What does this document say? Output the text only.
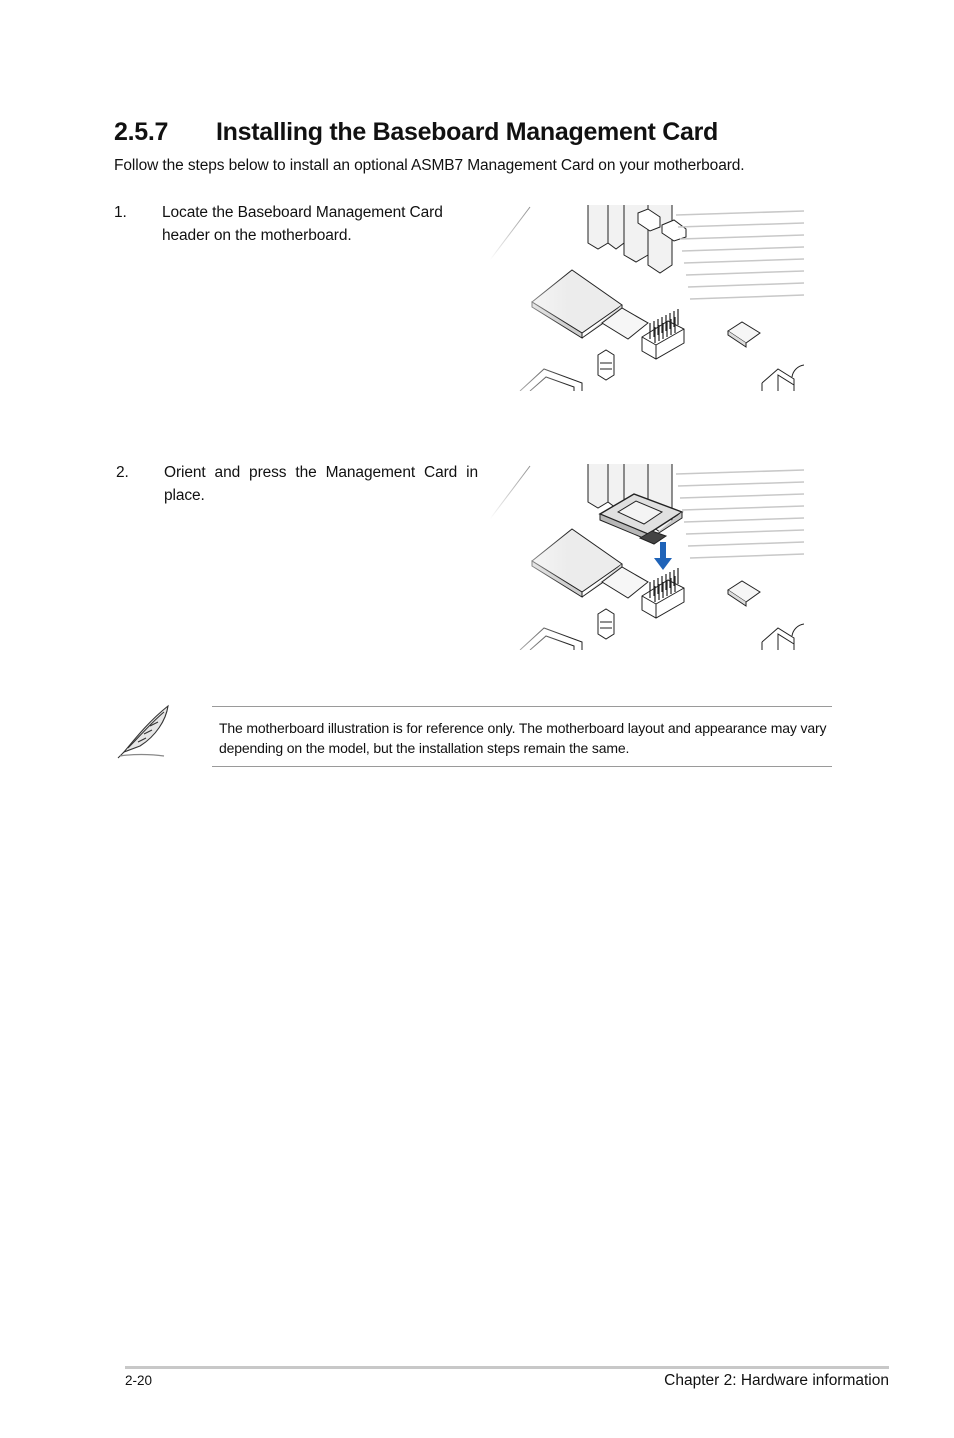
2.5.7 Installing the Baseboard Management Card
Follow the steps below to install an optional ASMB7 Management Card on your motherboard.
1. Locate the Baseboard Management Card header on the motherboard.
2. Orient and press the Management Card in place.
The motherboard illustration is for reference only. The motherboard layout and appearance may vary depending on the model, but the installation steps remain the same.
2-20	Chapter 2: Hardware information
